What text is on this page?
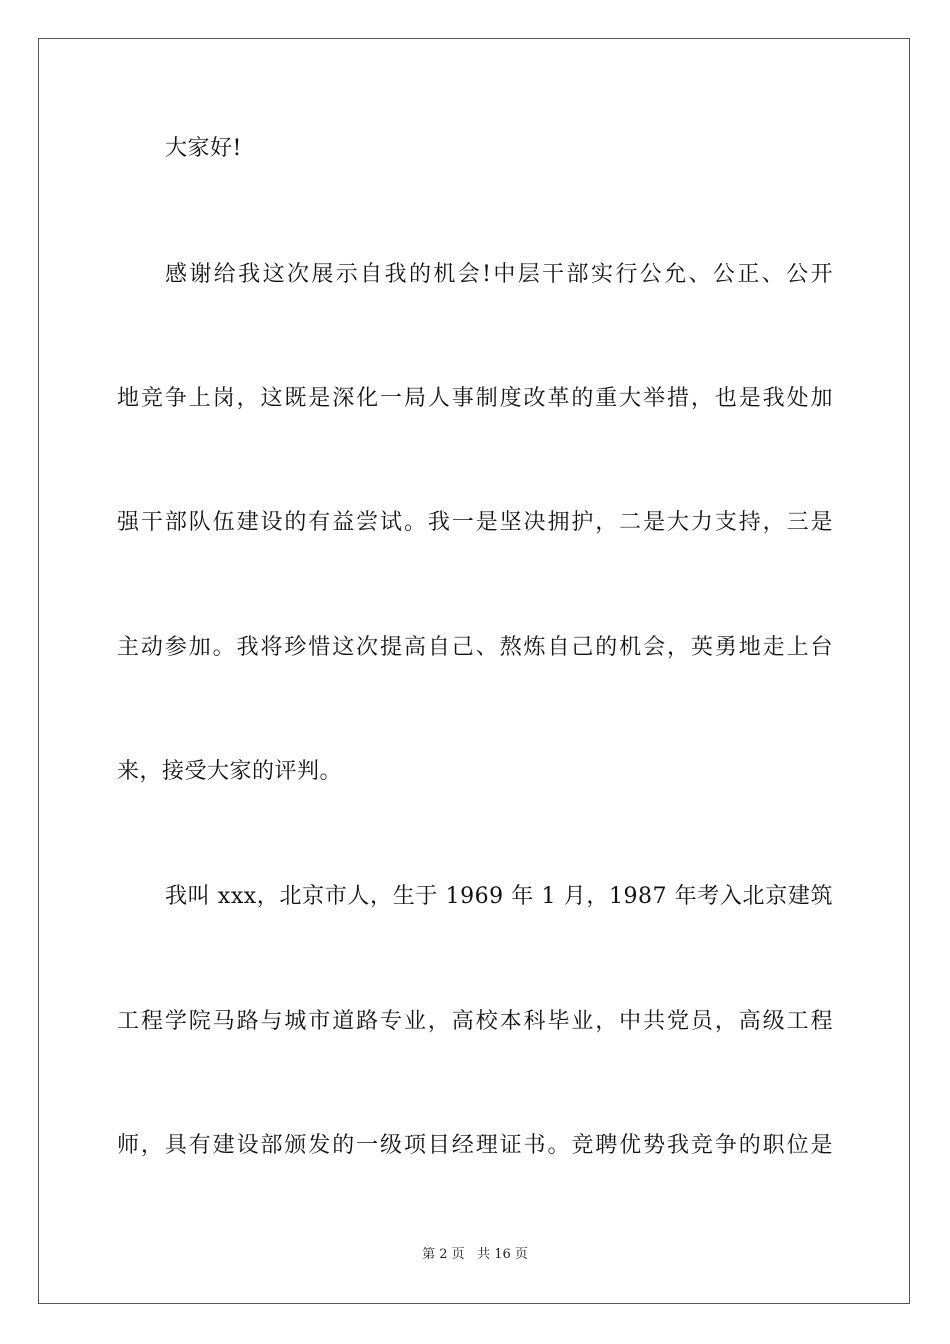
大家好!
感谢给我这次展示自我的机会!中层干部实行公允、公正、公开
地竞争上岗，这既是深化一局人事制度改革的重大举措，也是我处加
强干部队伍建设的有益尝试。我一是坚决拥护，二是大力支持，三是
主动参加。我将珍惜这次提高自己、熬炼自己的机会，英勇地走上台
来，接受大家的评判。
我叫 xxx，北京市人，生于 1969 年 1 月，1987 年考入北京建筑
工程学院马路与城市道路专业，高校本科毕业，中共党员，高级工程
师，具有建设部颁发的一级项目经理证书。竞聘优势我竞争的职位是
第 2 页 共 16 页
